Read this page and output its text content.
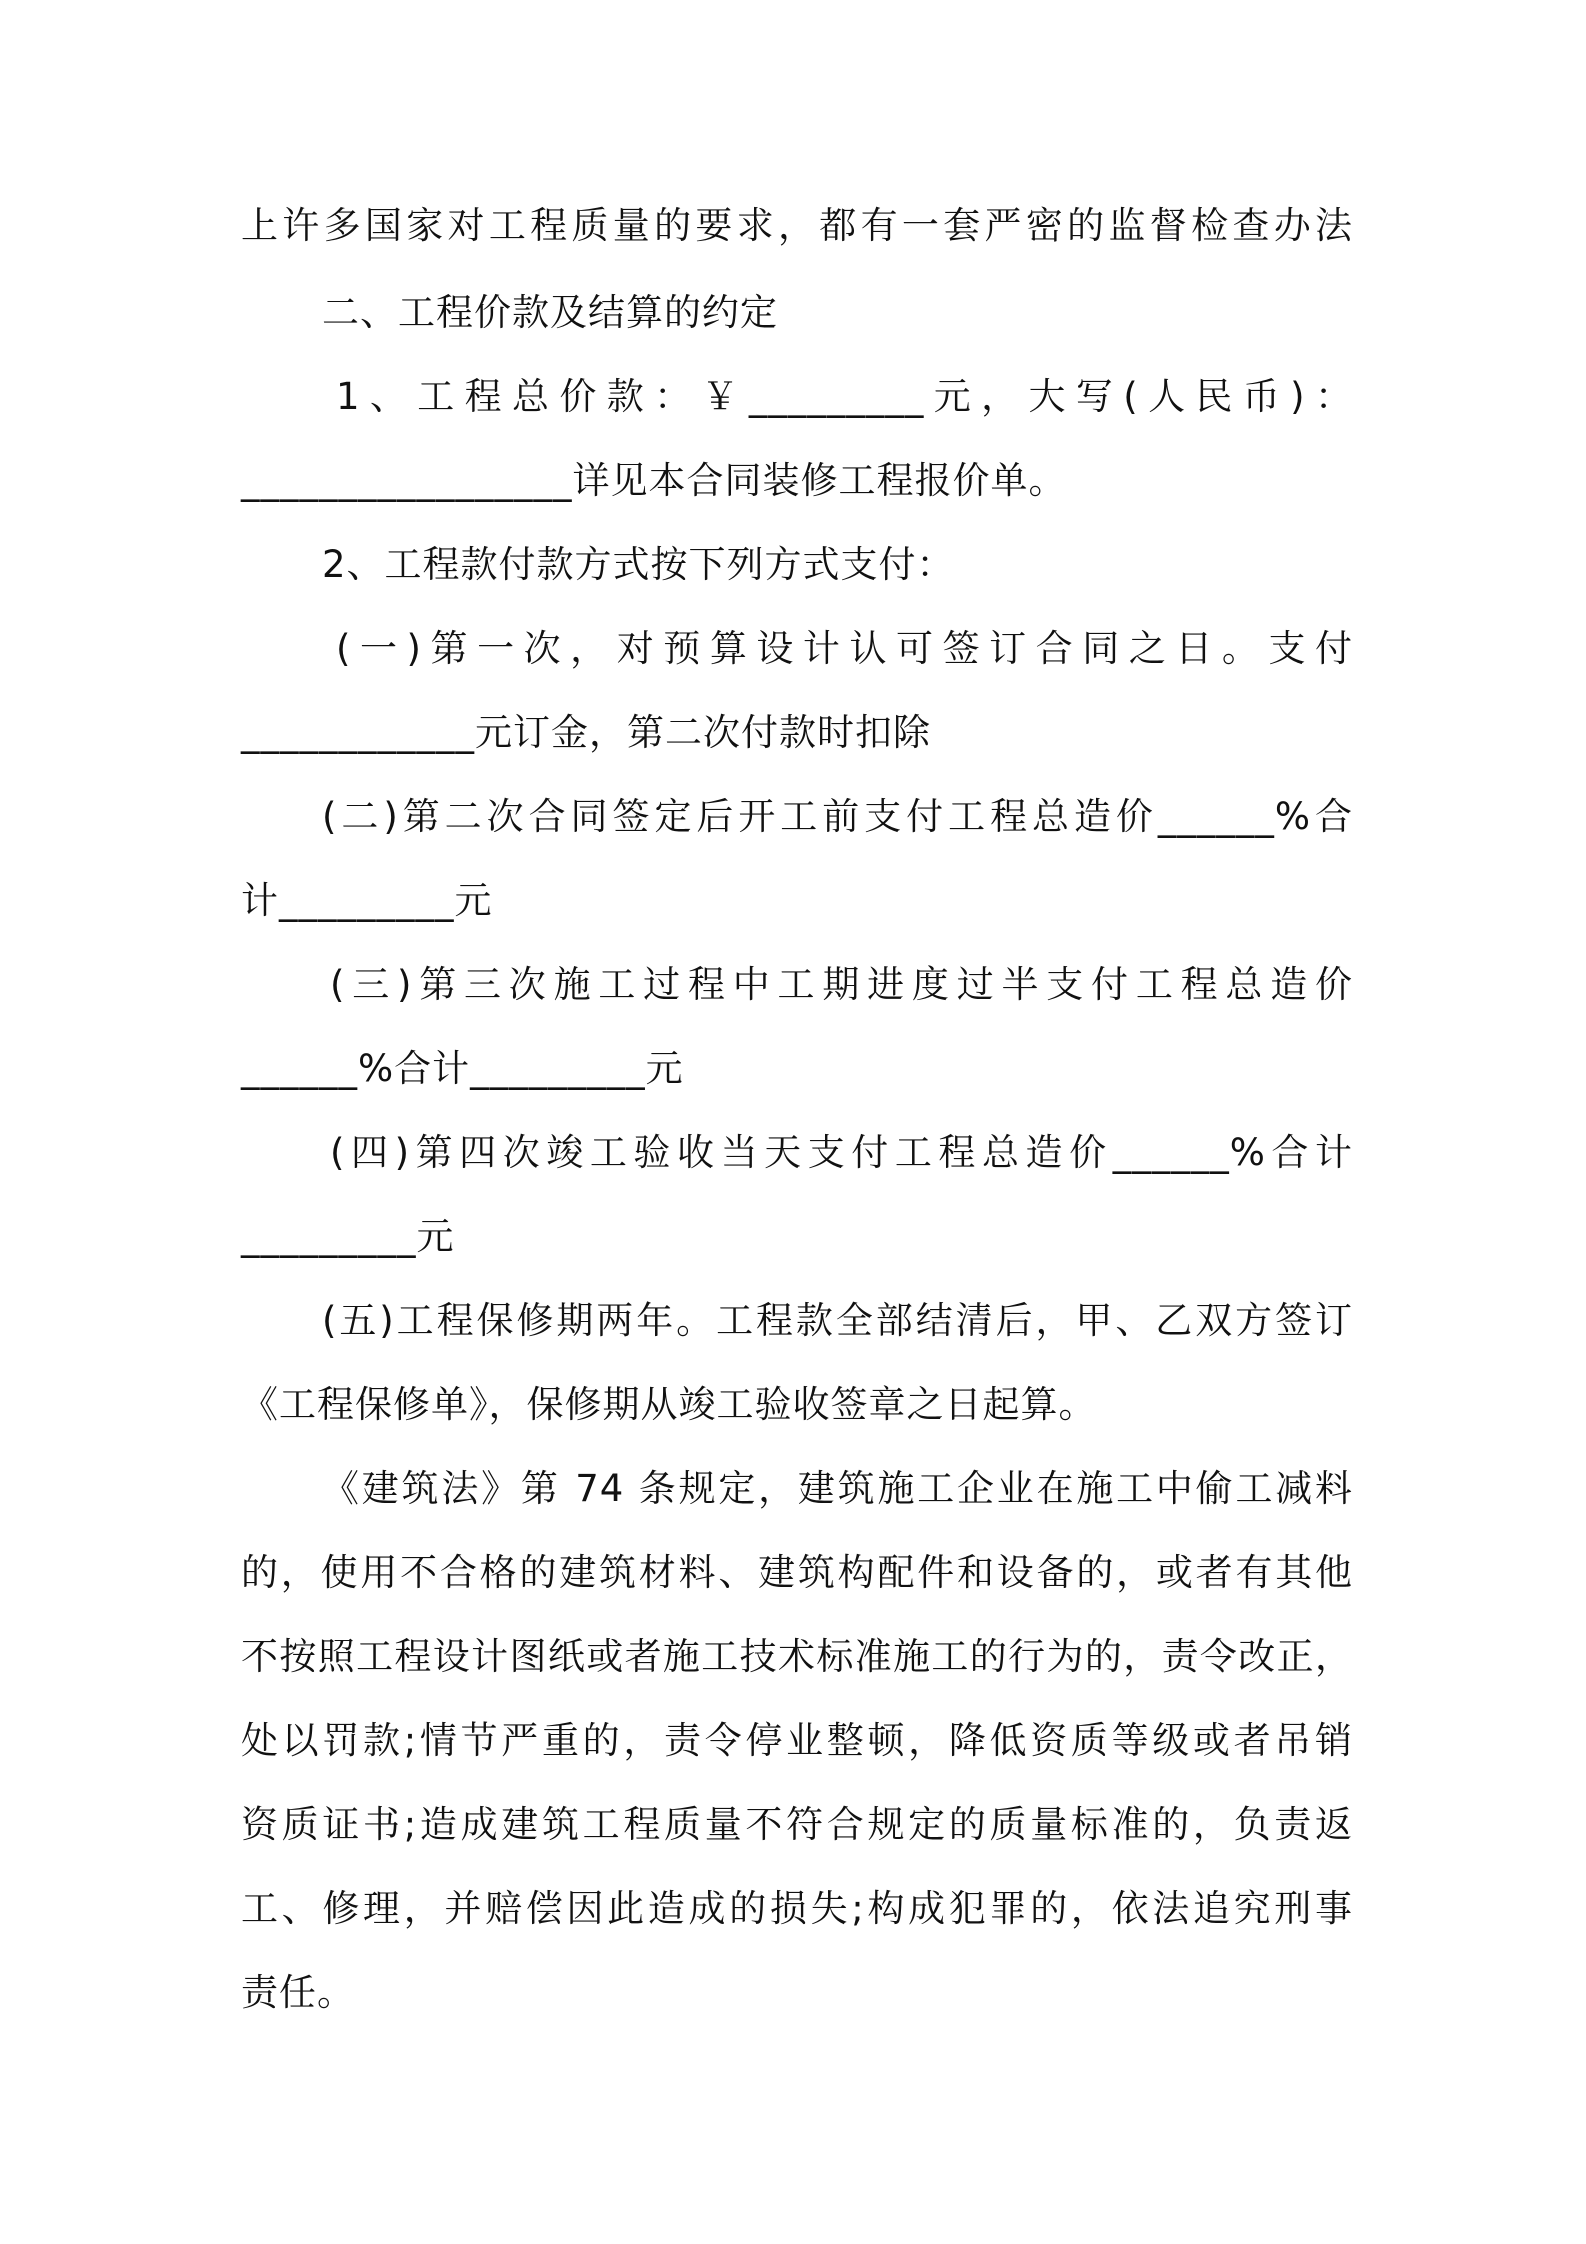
上许多国家对工程质量的要求，都有一套严密的监督检查办法
二、工程价款及结算的约定
1、工程总价款：￥_________元，大写(人民币)：
_________________详见本合同装修工程报价单。
2、工程款付款方式按下列方式支付：
(一)第一次，对预算设计认可签订合同之日。支付
____________元订金，第二次付款时扣除
(二)第二次合同签定后开工前支付工程总造价______%合
计_________元
(三)第三次施工过程中工期进度过半支付工程总造价
______%合计_________元
(四)第四次竣工验收当天支付工程总造价______%合计
_________元
(五)工程保修期两年。工程款全部结清后，甲、乙双方签订
《工程保修单》，保修期从竣工验收签章之日起算。
《建筑法》第 74 条规定，建筑施工企业在施工中偷工减料
的，使用不合格的建筑材料、建筑构配件和设备的，或者有其他
不按照工程设计图纸或者施工技术标准施工的行为的，责令改正，
处以罚款;情节严重的，责令停业整顿，降低资质等级或者吊销
资质证书;造成建筑工程质量不符合规定的质量标准的，负责返
工、修理，并赔偿因此造成的损失;构成犯罪的，依法追究刑事
责任。
